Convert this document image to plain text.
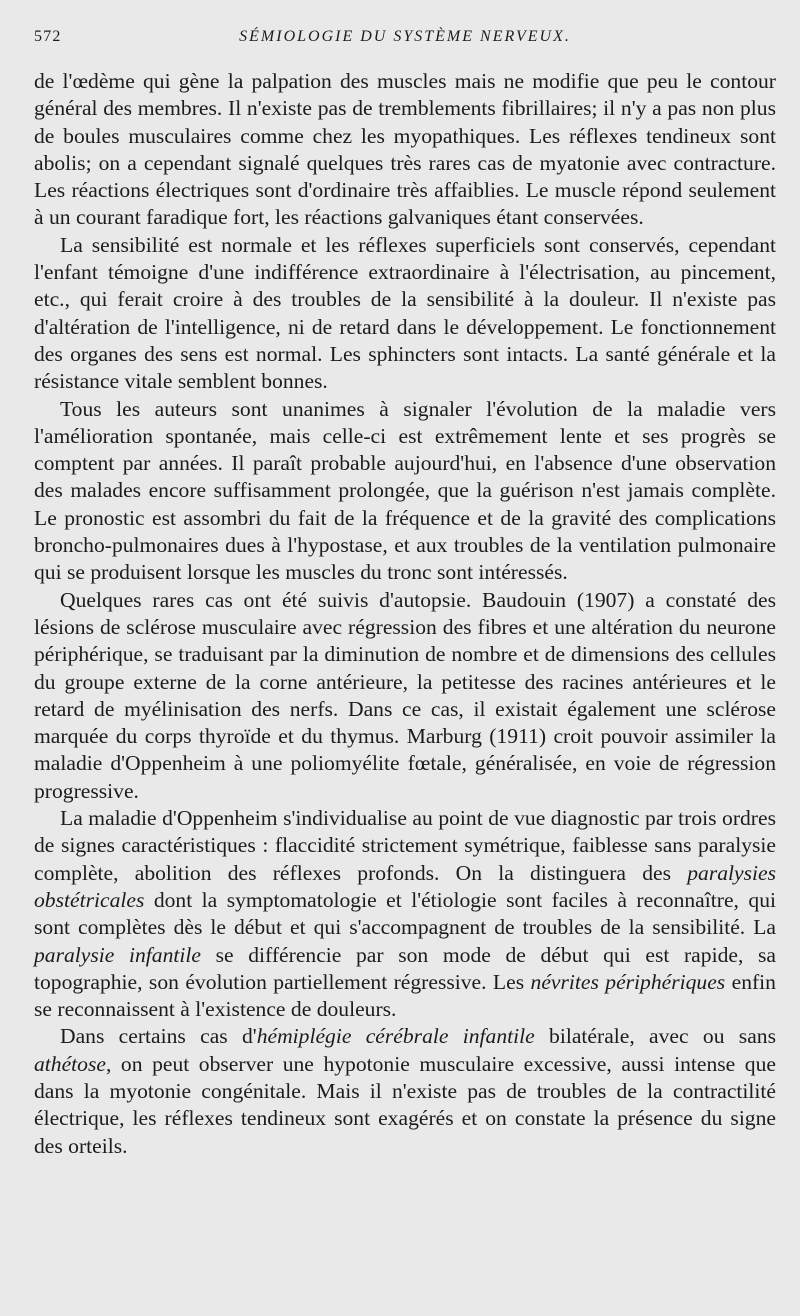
572	SÉMIOLOGIE DU SYSTÈME NERVEUX.

de l'œdème qui gène la palpation des muscles mais ne modifie que peu le contour général des membres. Il n'existe pas de tremblements fibrillaires; il n'y a pas non plus de boules musculaires comme chez les myopathiques. Les réflexes tendineux sont abolis; on a cependant signalé quelques très rares cas de myatonie avec contracture. Les réactions électriques sont d'ordinaire très affaiblies. Le muscle répond seulement à un courant faradique fort, les réactions galvaniques étant conservées.

La sensibilité est normale et les réflexes superficiels sont conservés, cependant l'enfant témoigne d'une indifférence extraordinaire à l'électrisation, au pincement, etc., qui ferait croire à des troubles de la sensibilité à la douleur. Il n'existe pas d'altération de l'intelligence, ni de retard dans le développement. Le fonctionnement des organes des sens est normal. Les sphincters sont intacts. La santé générale et la résistance vitale semblent bonnes.

Tous les auteurs sont unanimes à signaler l'évolution de la maladie vers l'amélioration spontanée, mais celle-ci est extrêmement lente et ses progrès se comptent par années. Il paraît probable aujourd'hui, en l'absence d'une observation des malades encore suffisamment prolongée, que la guérison n'est jamais complète. Le pronostic est assombri du fait de la fréquence et de la gravité des complications broncho-pulmonaires dues à l'hypostase, et aux troubles de la ventilation pulmonaire qui se produisent lorsque les muscles du tronc sont intéressés.

Quelques rares cas ont été suivis d'autopsie. Baudouin (1907) a constaté des lésions de sclérose musculaire avec régression des fibres et une altération du neurone périphérique, se traduisant par la diminution de nombre et de dimensions des cellules du groupe externe de la corne antérieure, la petitesse des racines antérieures et le retard de myélinisation des nerfs. Dans ce cas, il existait également une sclérose marquée du corps thyroïde et du thymus. Marburg (1911) croit pouvoir assimiler la maladie d'Oppenheim à une poliomyélite fœtale, généralisée, en voie de régression progressive.

La maladie d'Oppenheim s'individualise au point de vue diagnostic par trois ordres de signes caractéristiques : flaccidité strictement symétrique, faiblesse sans paralysie complète, abolition des réflexes profonds. On la distinguera des paralysies obstétricales dont la symptomatologie et l'étiologie sont faciles à reconnaître, qui sont complètes dès le début et qui s'accompagnent de troubles de la sensibilité. La paralysie infantile se différencie par son mode de début qui est rapide, sa topographie, son évolution partiellement régressive. Les névrites périphériques enfin se reconnaissent à l'existence de douleurs.

Dans certains cas d'hémiplégie cérébrale infantile bilatérale, avec ou sans athétose, on peut observer une hypotonie musculaire excessive, aussi intense que dans la myotonie congénitale. Mais il n'existe pas de troubles de la contractilité électrique, les réflexes tendineux sont exagérés et on constate la présence du signe des orteils.
